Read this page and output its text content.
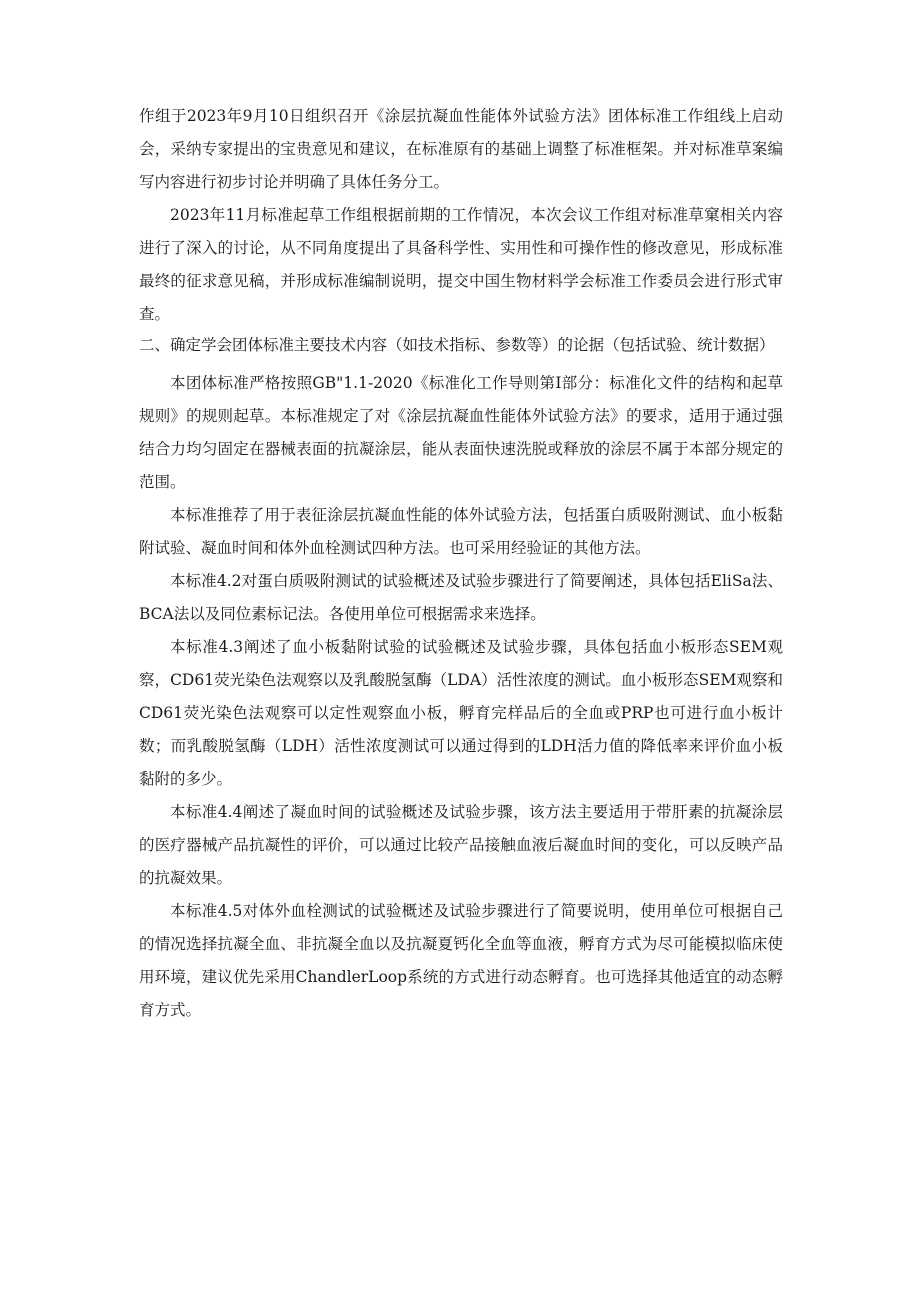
作组于2023年9月10日组织召开《涂层抗凝血性能体外试验方法》团体标准工作组线上启动会，采纳专家提出的宝贵意见和建议，在标准原有的基础上调整了标准框架。并对标准草案编写内容进行初步讨论并明确了具体任务分工。

2023年11月标准起草工作组根据前期的工作情况，本次会议工作组对标准草窠相关内容进行了深入的讨论，从不同角度提出了具备科学性、实用性和可操作性的修改意见，形成标准最终的征求意见稿，并形成标准编制说明，提交中国生物材料学会标准工作委员会进行形式审查。

二、确定学会团体标准主要技术内容（如技术指标、参数等）的论据（包括试验、统计数据）

本团体标准严格按照GB"1.1-2020《标准化工作导则第I部分：标准化文件的结构和起草规则》的规则起草。本标准规定了对《涂层抗凝血性能体外试验方法》的要求，适用于通过强结合力均匀固定在器械表面的抗凝涂层，能从表面快速洗脱或释放的涂层不属于本部分规定的范围。

本标准推荐了用于表征涂层抗凝血性能的体外试验方法，包括蛋白质吸附测试、血小板黏附试验、凝血时间和体外血栓测试四种方法。也可采用经验证的其他方法。

本标准4.2对蛋白质吸附测试的试验概述及试验步骤进行了简要阐述，具体包括EliSa法、BCA法以及同位素标记法。各使用单位可根据需求来选择。

本标准4.3阐述了血小板黏附试验的试验概述及试验步骤，具体包括血小板形态SEM观察，CD61荧光染色法观察以及乳酸脱氢酶（LDA）活性浓度的测试。血小板形态SEM观察和CD61荧光染色法观察可以定性观察血小板，孵育完样品后的全血或PRP也可进行血小板计数；而乳酸脱氢酶（LDH）活性浓度测试可以通过得到的LDH活力值的降低率来评价血小板黏附的多少。

本标准4.4阐述了凝血时间的试验概述及试验步骤，该方法主要适用于带肝素的抗凝涂层的医疗器械产品抗凝性的评价，可以通过比较产品接触血液后凝血时间的变化，可以反映产品的抗凝效果。

本标准4.5对体外血栓测试的试验概述及试验步骤进行了简要说明，使用单位可根据自己的情况选择抗凝全血、非抗凝全血以及抗凝夏钙化全血等血液，孵育方式为尽可能模拟临床使用环境，建议优先采用ChandlerLoop系统的方式进行动态孵育。也可选择其他适宜的动态孵育方式。
